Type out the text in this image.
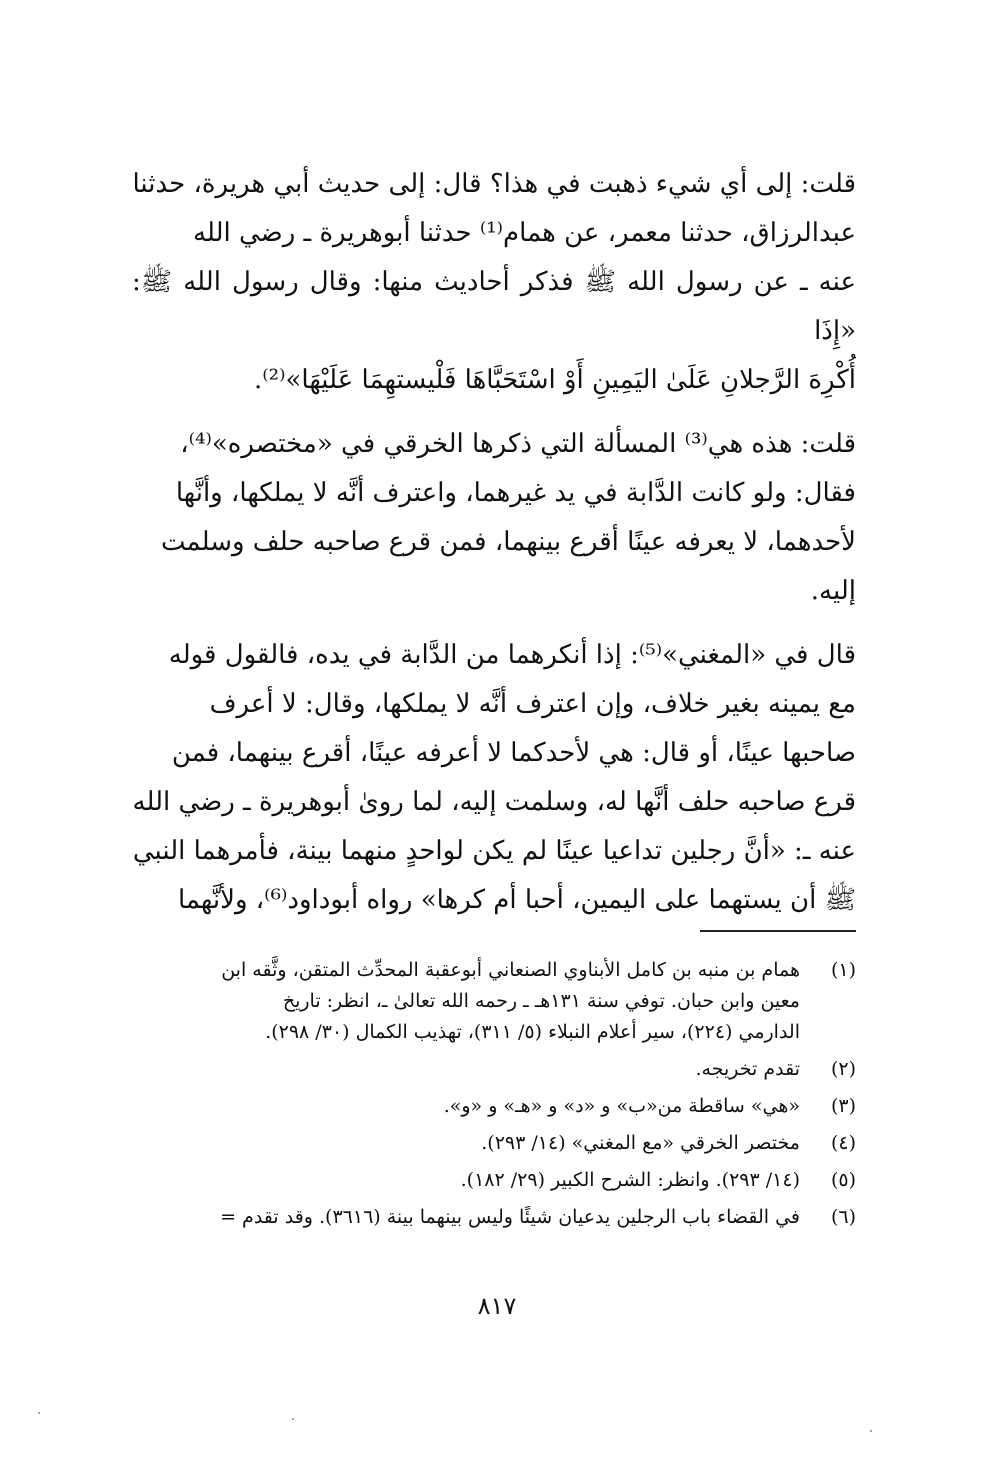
قلت: إلى أي شيء ذهبت في هذا؟ قال: إلى حديث أبي هريرة، حدثنا
عبدالرزاق، حدثنا معمر، عن همام⁽¹⁾ حدثنا أبوهريرة ـ رضي الله
عنه ـ عن رسول الله ﷺ فذكر أحاديث منها: وقال رسول الله ﷺ: «إِذَا
أُكْرِهَ الرَّجلانِ عَلَىٰ اليَمِينِ أَوْ اسْتَحَبَّاهَا فَلْيستهِمَا عَلَيْهَا»⁽²⁾.

قلت: هذه هي⁽³⁾ المسألة التي ذكرها الخرقي في «مختصره»⁽⁴⁾،
فقال: ولو كانت الدَّابة في يد غيرهما، واعترف أنَّه لا يملكها، وأنَّها
لأحدهما، لا يعرفه عينًا أقرع بينهما، فمن قرع صاحبه حلف وسلمت
إليه.

قال في «المغني»⁽⁵⁾: إذا أنكرهما من الدَّابة في يده، فالقول قوله
مع يمينه بغير خلاف، وإن اعترف أنَّه لا يملكها، وقال: لا أعرف
صاحبها عينًا، أو قال: هي لأحدكما لا أعرفه عينًا، أقرع بينهما، فمن
قرع صاحبه حلف أنَّها له، وسلمت إليه، لما روىٰ أبوهريرة ـ رضي الله
عنه ـ: «أنَّ رجلين تداعيا عينًا لم يكن لواحدٍ منهما بينة، فأمرهما النبي
ﷺ أن يستهما على اليمين، أحبا أم كرها» رواه أبوداود⁽⁶⁾، ولأنَّهما

(١)
همام بن منبه بن كامل الأبناوي الصنعاني أبوعقبة المحدِّث المتقن، وثَّقه ابن
معين وابن حبان. توفي سنة ١٣١هـ ـ رحمه الله تعالىٰ ـ، انظر: تاريخ
الدارمي (٢٢٤)، سير أعلام النبلاء (٥/ ٣١١)، تهذيب الكمال (٣٠/ ٢٩٨).
(٢)
تقدم تخريجه.
(٣)
«هي» ساقطة من«ب» و «د» و «هـ» و «و».
(٤)
مختصر الخرقي «مع المغني» (١٤/ ٢٩٣).
(٥)
(١٤/ ٢٩٣). وانظر: الشرح الكبير (٢٩/ ١٨٢).
(٦)
في القضاء باب الرجلين يدعيان شيئًا وليس بينهما بينة (٣٦١٦). وقد تقدم =
٨١٧
